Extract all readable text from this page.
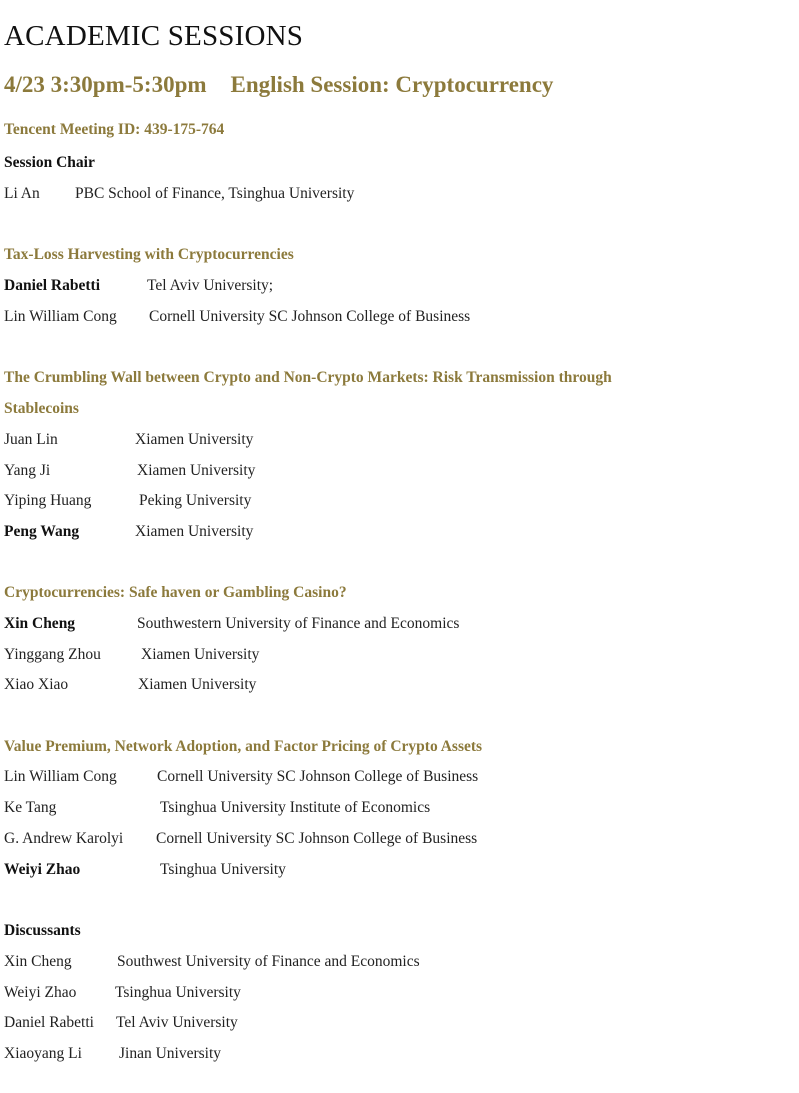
ACADEMIC SESSIONS
4/23 3:30pm-5:30pm English Session: Cryptocurrency
Tencent Meeting ID: 439-175-764
Session Chair
Li An PBC School of Finance, Tsinghua University
Tax-Loss Harvesting with Cryptocurrencies
Daniel Rabetti	Tel Aviv University;
Lin William Cong Cornell University SC Johnson College of Business
The Crumbling Wall between Crypto and Non-Crypto Markets: Risk Transmission through
Stablecoins
Juan Lin	Xiamen University
Yang Ji	Xiamen University
Yiping Huang	Peking University
Peng Wang	Xiamen University
Cryptocurrencies: Safe haven or Gambling Casino?
Xin Cheng	Southwestern University of Finance and Economics
Yinggang Zhou	Xiamen University
Xiao Xiao	Xiamen University
Value Premium, Network Adoption, and Factor Pricing of Crypto Assets
Lin William Cong	Cornell University SC Johnson College of Business
Ke Tang	Tsinghua University Institute of Economics
G. Andrew Karolyi Cornell University SC Johnson College of Business
Weiyi Zhao	Tsinghua University
Discussants
Xin Cheng	Southwest University of Finance and Economics
Weiyi Zhao Tsinghua University
Daniel Rabetti Tel Aviv University
Xiaoyang Li Jinan University
